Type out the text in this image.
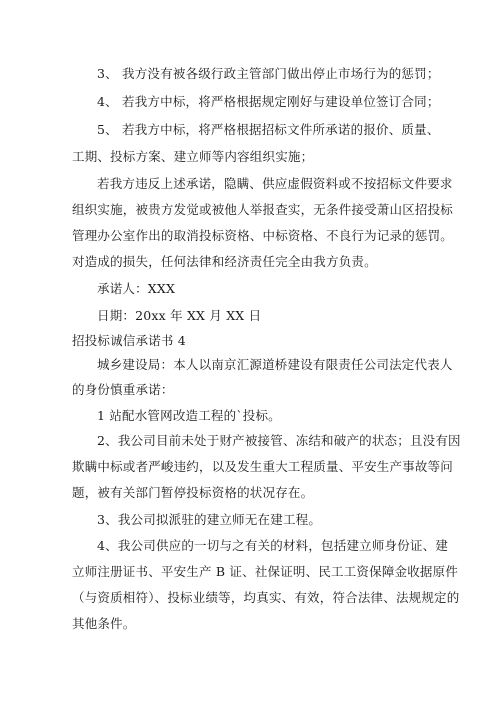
3、 我方没有被各级行政主管部门做出停止市场行为的惩罚；
4、 若我方中标，将严格根据规定刚好与建设单位签订合同；
5、 若我方中标，将严格根据招标文件所承诺的报价、质量、
工期、投标方案、建立师等内容组织实施；
若我方违反上述承诺，隐瞒、供应虚假资料或不按招标文件要求
组织实施，被贵方发觉或被他人举报查实，无条件接受萧山区招投标
管理办公室作出的取消投标资格、中标资格、不良行为记录的惩罚。
对造成的损失，任何法律和经济责任完全由我方负责。
承诺人：XXX
日期：20xx 年 XX 月 XX 日
招投标诚信承诺书 4
城乡建设局：本人以南京汇源道桥建设有限责任公司法定代表人
的身份慎重承诺：
1 站配水管网改造工程的`投标。
2、我公司目前未处于财产被接管、冻结和破产的状态；且没有因
欺瞒中标或者严峻违约，以及发生重大工程质量、平安生产事故等问
题，被有关部门暂停投标资格的状况存在。
3、我公司拟派驻的建立师无在建工程。
4、我公司供应的一切与之有关的材料，包括建立师身份证、建
立师注册证书、平安生产 B 证、社保证明、民工工资保障金收据原件
（与资质相符）、投标业绩等，均真实、有效，符合法律、法规规定的
其他条件。
